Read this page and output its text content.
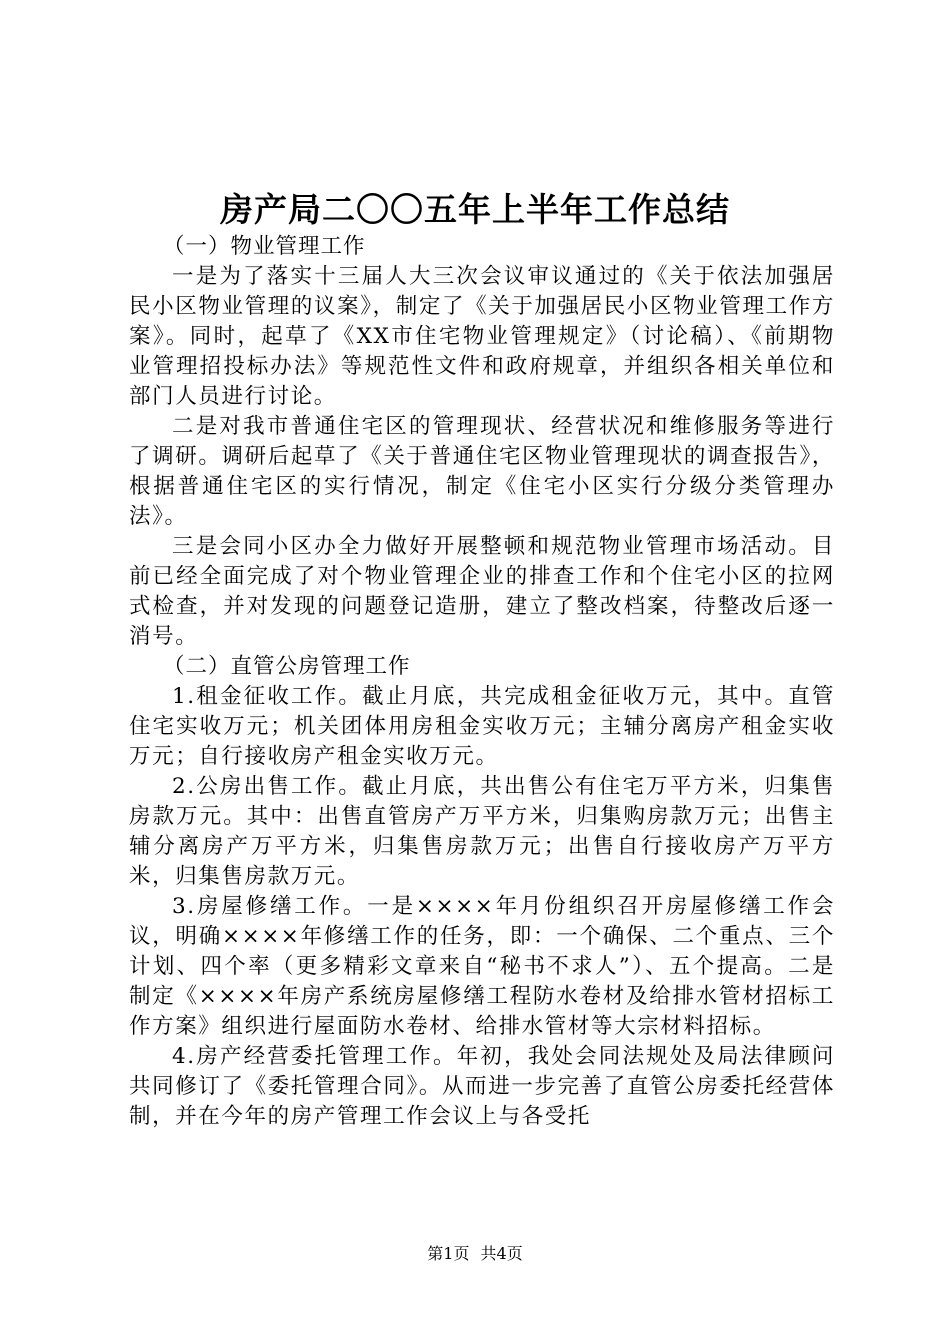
房产局二〇〇五年上半年工作总结

（一）物业管理工作

一是为了落实十三届人大三次会议审议通过的《关于依法加强居民小区物业管理的议案》，制定了《关于加强居民小区物业管理工作方案》。同时，起草了《XX市住宅物业管理规定》（讨论稿）、《前期物业管理招投标办法》等规范性文件和政府规章，并组织各相关单位和部门人员进行讨论。

二是对我市普通住宅区的管理现状、经营状况和维修服务等进行了调研。调研后起草了《关于普通住宅区物业管理现状的调查报告》，根据普通住宅区的实行情况，制定《住宅小区实行分级分类管理办法》。

三是会同小区办全力做好开展整顿和规范物业管理市场活动。目前已经全面完成了对个物业管理企业的排查工作和个住宅小区的拉网式检查，并对发现的问题登记造册，建立了整改档案，待整改后逐一消号。

（二）直管公房管理工作

1.租金征收工作。截止月底，共完成租金征收万元，其中。直管住宅实收万元；机关团体用房租金实收万元；主辅分离房产租金实收万元；自行接收房产租金实收万元。

2.公房出售工作。截止月底，共出售公有住宅万平方米，归集售房款万元。其中：出售直管房产万平方米，归集购房款万元；出售主辅分离房产万平方米，归集售房款万元；出售自行接收房产万平方米，归集售房款万元。

3.房屋修缮工作。一是××××年月份组织召开房屋修缮工作会议，明确××××年修缮工作的任务，即：一个确保、二个重点、三个计划、四个率（更多精彩文章来自“秘书不求人”）、五个提高。二是制定《××××年房产系统房屋修缮工程防水卷材及给排水管材招标工作方案》组织进行屋面防水卷材、给排水管材等大宗材料招标。

4.房产经营委托管理工作。年初，我处会同法规处及局法律顾问共同修订了《委托管理合同》。从而进一步完善了直管公房委托经营体制，并在今年的房产管理工作会议上与各受托

第1页 共4页
